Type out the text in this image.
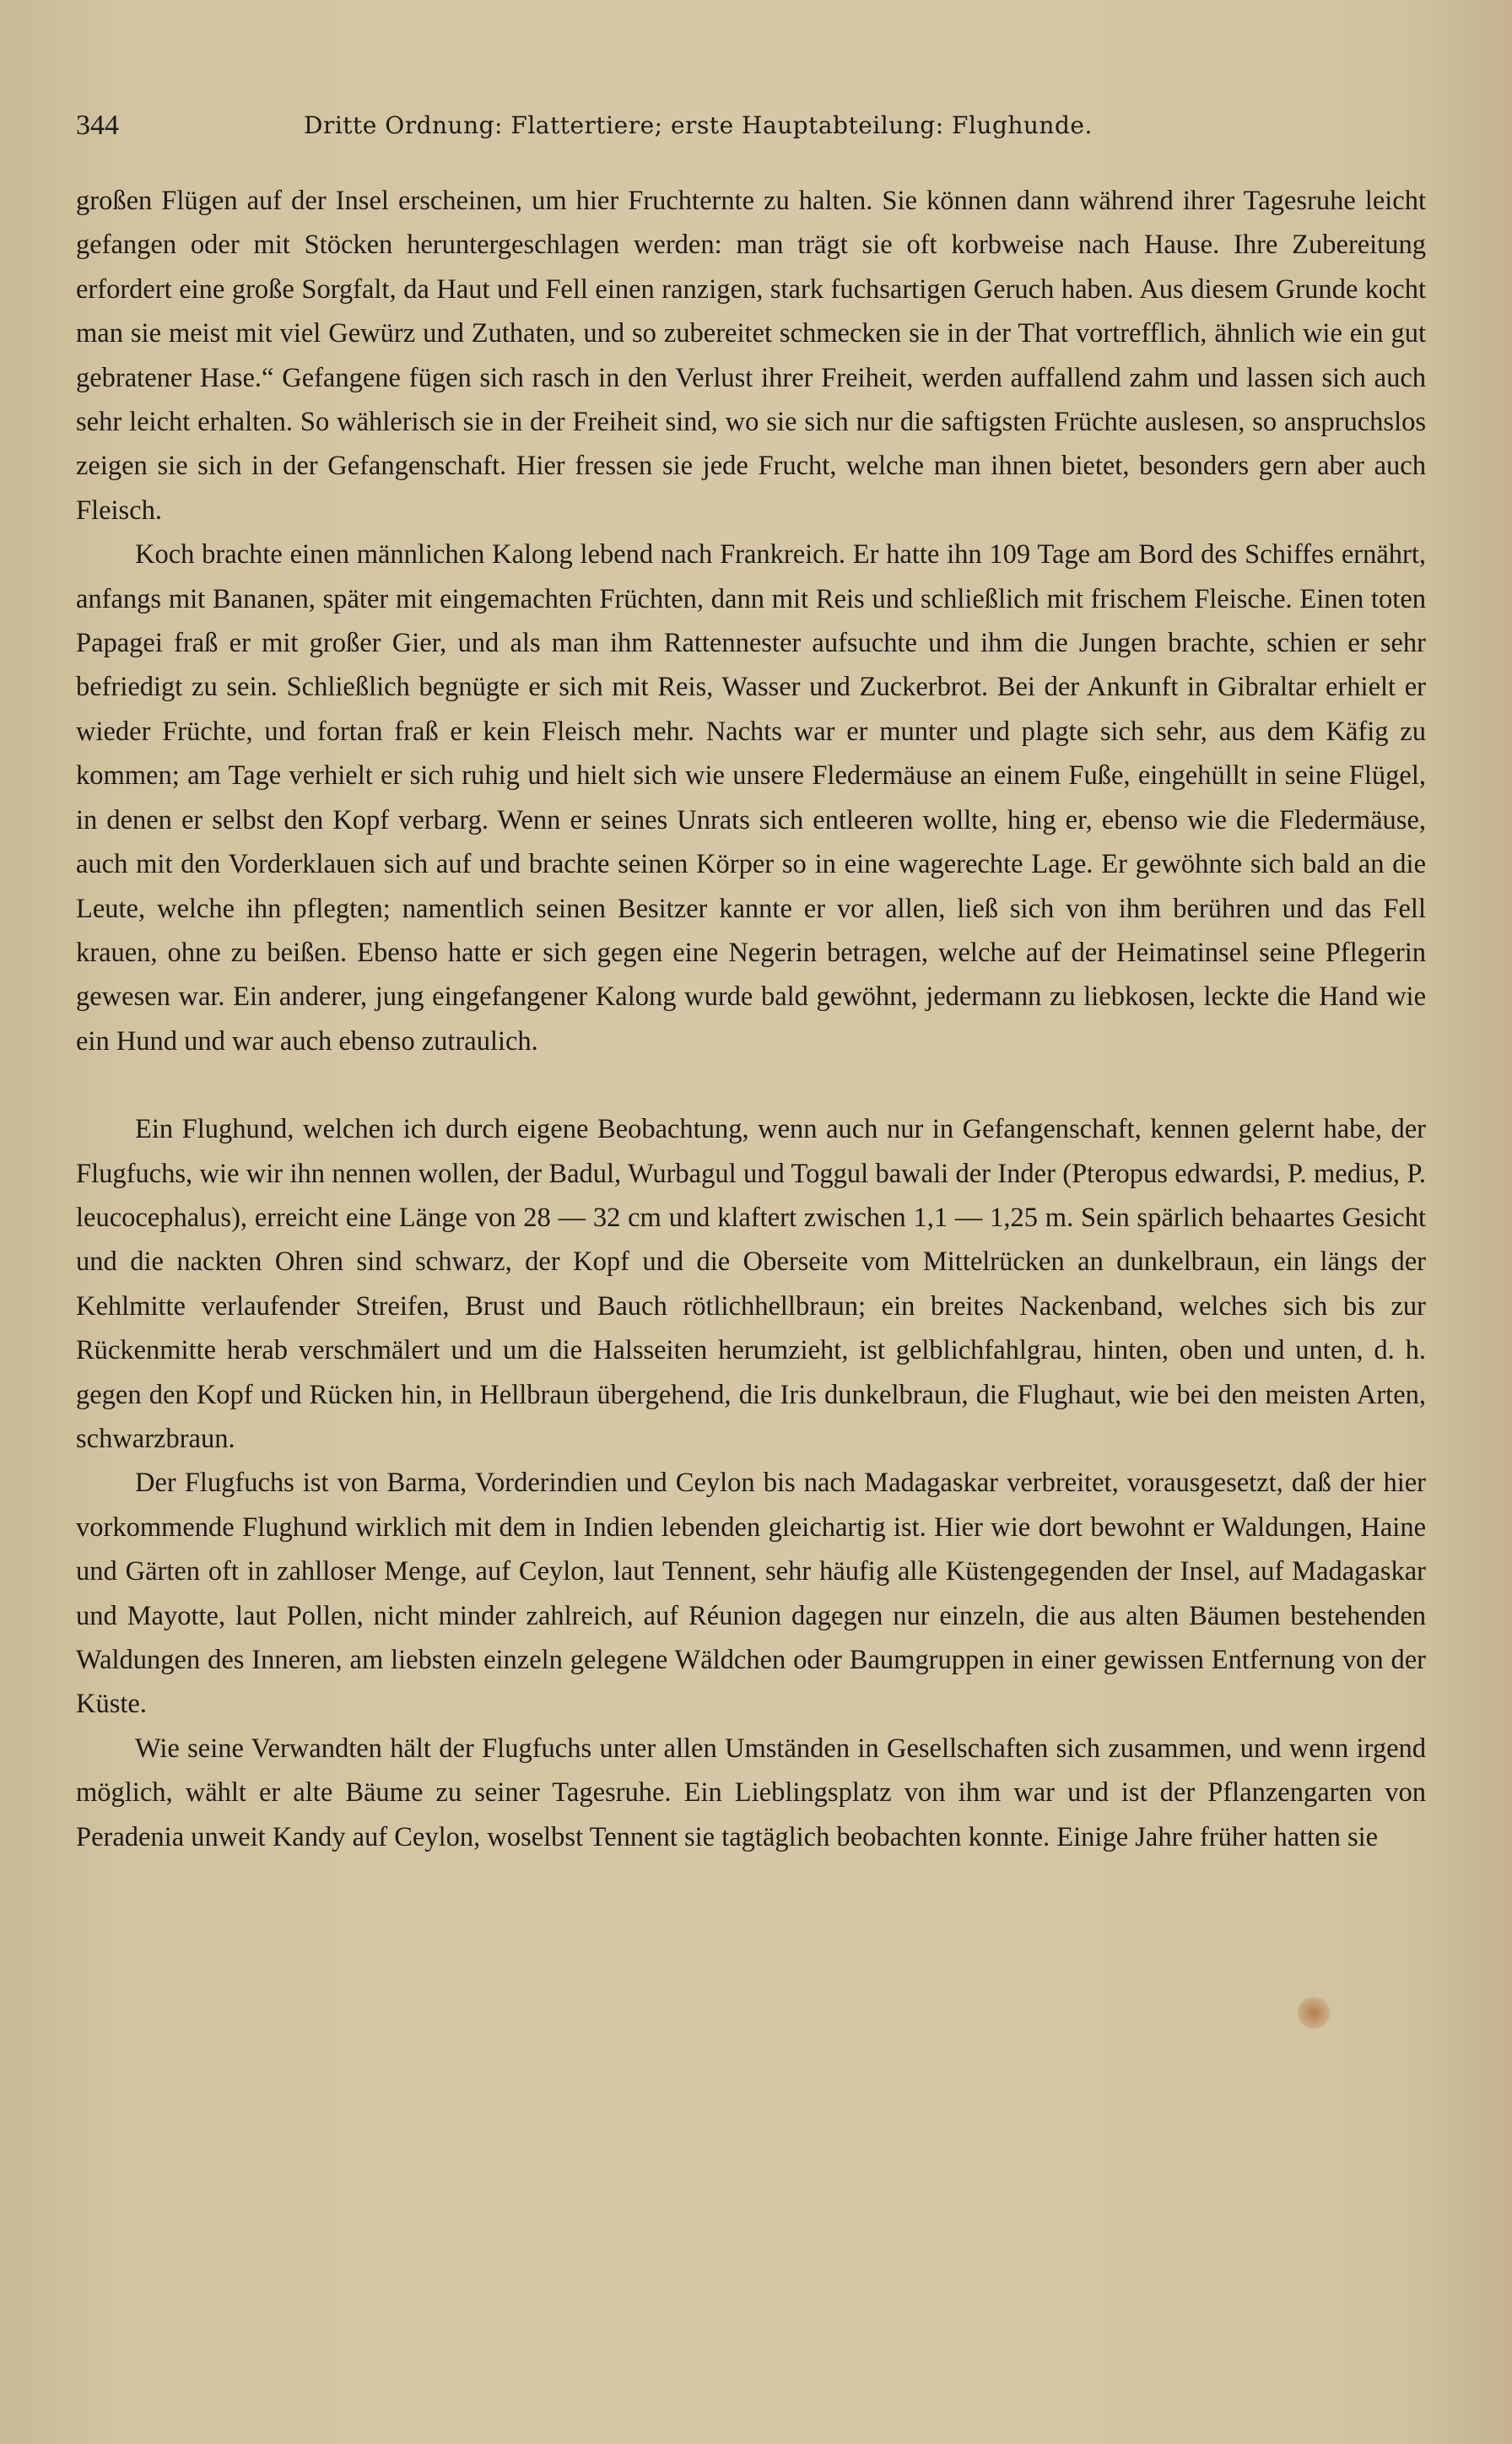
344	Dritte Ordnung: Flattertiere; erste Hauptabteilung: Flughunde.

großen Flügen auf der Insel erscheinen, um hier Fruchternte zu halten. Sie können dann während ihrer Tagesruhe leicht gefangen oder mit Stöcken heruntergeschlagen werden: man trägt sie oft korbweise nach Hause. Ihre Zubereitung erfordert eine große Sorgfalt, da Haut und Fell einen ranzigen, stark fuchsartigen Geruch haben. Aus diesem Grunde kocht man sie meist mit viel Gewürz und Zuthaten, und so zubereitet schmecken sie in der That vortrefflich, ähnlich wie ein gut gebratener Hase.“ Gefangene fügen sich rasch in den Verlust ihrer Freiheit, werden auffallend zahm und lassen sich auch sehr leicht erhalten. So wählerisch sie in der Freiheit sind, wo sie sich nur die saftigsten Früchte auslesen, so anspruchslos zeigen sie sich in der Gefangenschaft. Hier fressen sie jede Frucht, welche man ihnen bietet, besonders gern aber auch Fleisch.

Koch brachte einen männlichen Kalong lebend nach Frankreich. Er hatte ihn 109 Tage am Bord des Schiffes ernährt, anfangs mit Bananen, später mit eingemachten Früchten, dann mit Reis und schließlich mit frischem Fleische. Einen toten Papagei fraß er mit großer Gier, und als man ihm Rattennester aufsuchte und ihm die Jungen brachte, schien er sehr befriedigt zu sein. Schließlich begnügte er sich mit Reis, Wasser und Zuckerbrot. Bei der Ankunft in Gibraltar erhielt er wieder Früchte, und fortan fraß er kein Fleisch mehr. Nachts war er munter und plagte sich sehr, aus dem Käfig zu kommen; am Tage verhielt er sich ruhig und hielt sich wie unsere Fledermäuse an einem Fuße, eingehüllt in seine Flügel, in denen er selbst den Kopf verbarg. Wenn er seines Unrats sich entleeren wollte, hing er, ebenso wie die Fledermäuse, auch mit den Vorderklauen sich auf und brachte seinen Körper so in eine wagerechte Lage. Er gewöhnte sich bald an die Leute, welche ihn pflegten; namentlich seinen Besitzer kannte er vor allen, ließ sich von ihm berühren und das Fell krauen, ohne zu beißen. Ebenso hatte er sich gegen eine Negerin betragen, welche auf der Heimatinsel seine Pflegerin gewesen war. Ein anderer, jung eingefangener Kalong wurde bald gewöhnt, jedermann zu liebkosen, leckte die Hand wie ein Hund und war auch ebenso zutraulich.

Ein Flughund, welchen ich durch eigene Beobachtung, wenn auch nur in Gefangenschaft, kennen gelernt habe, der Flugfuchs, wie wir ihn nennen wollen, der Badul, Wurbagul und Toggul bawali der Inder (Pteropus edwardsi, P. medius, P. leucocephalus), erreicht eine Länge von 28 — 32 cm und klaftert zwischen 1,1 — 1,25 m. Sein spärlich behaartes Gesicht und die nackten Ohren sind schwarz, der Kopf und die Oberseite vom Mittelrücken an dunkelbraun, ein längs der Kehlmitte verlaufender Streifen, Brust und Bauch rötlichhellbraun; ein breites Nackenband, welches sich bis zur Rückenmitte herab verschmälert und um die Halsseiten herumzieht, ist gelblichfahlgrau, hinten, oben und unten, d. h. gegen den Kopf und Rücken hin, in Hellbraun übergehend, die Iris dunkelbraun, die Flughaut, wie bei den meisten Arten, schwarzbraun.

Der Flugfuchs ist von Barma, Vorderindien und Ceylon bis nach Madagaskar verbreitet, vorausgesetzt, daß der hier vorkommende Flughund wirklich mit dem in Indien lebenden gleichartig ist. Hier wie dort bewohnt er Waldungen, Haine und Gärten oft in zahlloser Menge, auf Ceylon, laut Tennent, sehr häufig alle Küstengegenden der Insel, auf Madagaskar und Mayotte, laut Pollen, nicht minder zahlreich, auf Réunion dagegen nur einzeln, die aus alten Bäumen bestehenden Waldungen des Inneren, am liebsten einzeln gelegene Wäldchen oder Baumgruppen in einer gewissen Entfernung von der Küste.

Wie seine Verwandten hält der Flugfuchs unter allen Umständen in Gesellschaften sich zusammen, und wenn irgend möglich, wählt er alte Bäume zu seiner Tagesruhe. Ein Lieblingsplatz von ihm war und ist der Pflanzengarten von Peradenia unweit Kandy auf Ceylon, woselbst Tennent sie tagtäglich beobachten konnte. Einige Jahre früher hatten sie
